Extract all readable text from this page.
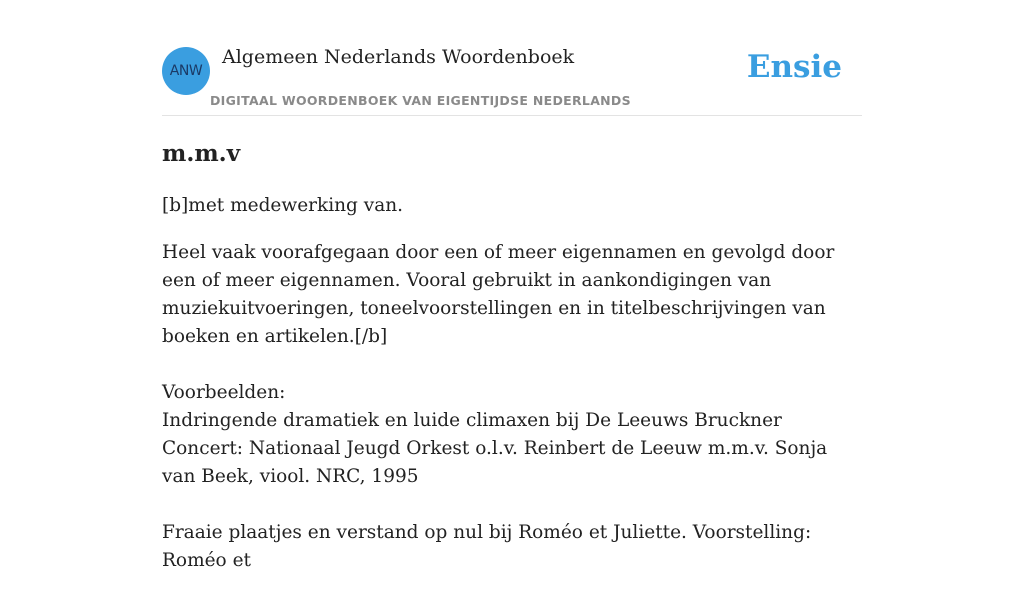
ANW
Algemeen Nederlands Woordenboek
DIGITAAL WOORDENBOEK VAN EIGENTIJDSE NEDERLANDS
Ensie
m.m.v

[b]met medewerking van.

Heel vaak voorafgegaan door een of meer eigennamen en gevolgd door een of meer eigennamen. Vooral gebruikt in aankondigingen van muziekuitvoeringen, toneelvoorstellingen en in titelbeschrijvingen van boeken en artikelen.[/b]

Voorbeelden:
Indringende dramatiek en luide climaxen bij De Leeuws Bruckner Concert: Nationaal Jeugd Orkest o.l.v. Reinbert de Leeuw m.m.v. Sonja van Beek, viool. NRC, 1995

Fraaie plaatjes en verstand op nul bij Roméo et Juliette. Voorstelling: Roméo et
